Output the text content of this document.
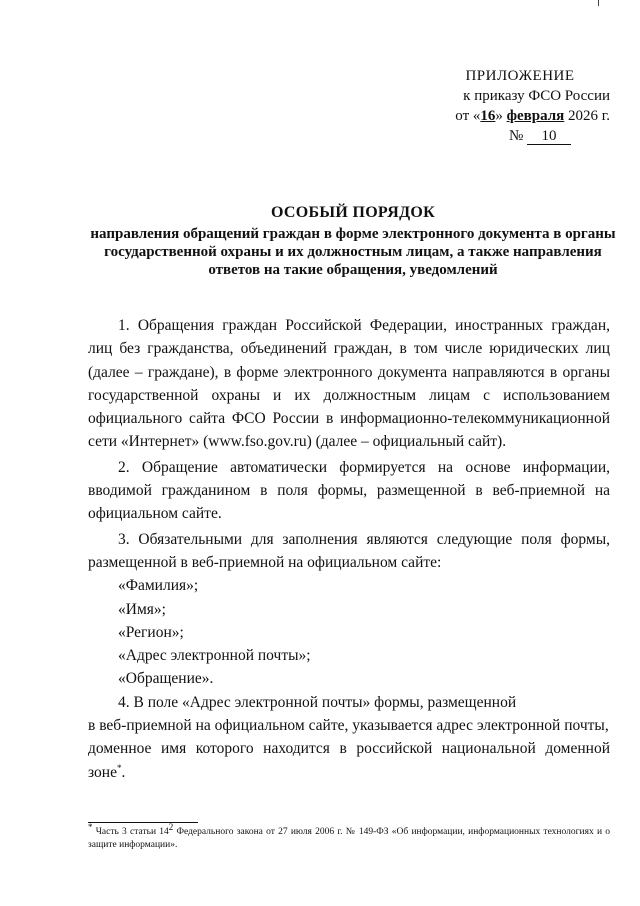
ПРИЛОЖЕНИЕ
к приказу ФСО России
от «16» февраля 2026 г.
№ 10
ОСОБЫЙ ПОРЯДОК
направления обращений граждан в форме электронного документа в органы
государственной охраны и их должностным лицам, а также направления
ответов на такие обращения, уведомлений

1. Обращения граждан Российской Федерации, иностранных граждан, лиц без гражданства, объединений граждан, в том числе юридических лиц (далее – граждане), в форме электронного документа направляются в органы государственной охраны и их должностным лицам с использованием официального сайта ФСО России в информационно-телекоммуникационной сети «Интернет» (www.fso.gov.ru) (далее – официальный сайт).

2. Обращение автоматически формируется на основе информации, вводимой гражданином в поля формы, размещенной в веб-приемной на официальном сайте.

3. Обязательными для заполнения являются следующие поля формы, размещенной в веб-приемной на официальном сайте:

«Фамилия»;
«Имя»;
«Регион»;
«Адрес электронной почты»;
«Обращение».

4. В поле «Адрес электронной почты» формы, размещенной

в веб-приемной на официальном сайте, указывается адрес электронной почты,

доменное имя которого находится в российской национальной доменной зоне*.

* Часть 3 статьи $14^2$ Федерального закона от 27 июля 2006 г. № 149-ФЗ «Об информации, информационных технологиях и о защите информации».
